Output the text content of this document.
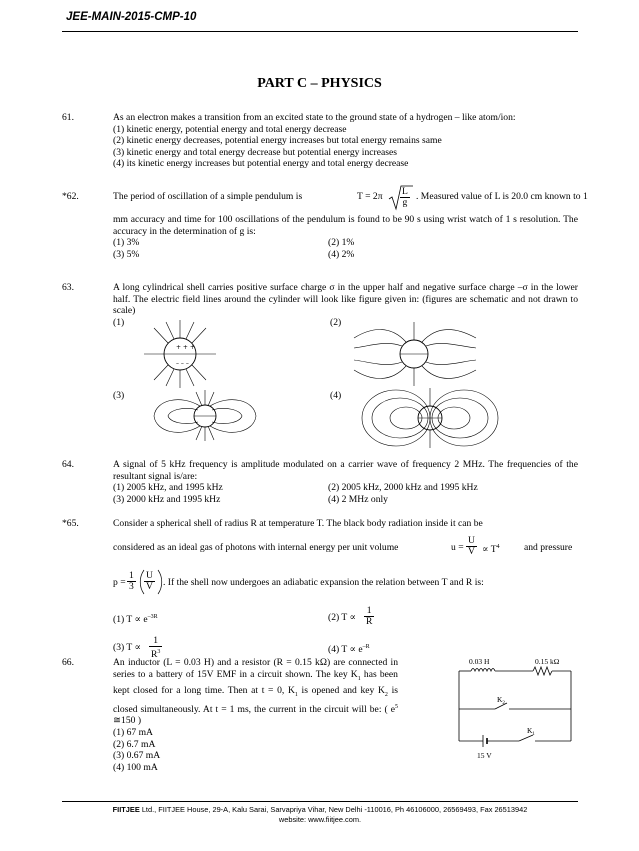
JEE-MAIN-2015-CMP-10
PART C – PHYSICS
61.	As an electron makes a transition from an excited state to the ground state of a hydrogen – like atom/ion:
(1) kinetic energy, potential energy and total energy decrease
(2) kinetic energy decreases, potential energy increases but total energy remains same
(3) kinetic energy and total energy decrease but potential energy increases
(4) its kinetic energy increases but potential energy and total energy decrease
*62.	The period of oscillation of a simple pendulum is	$T = 2\pi \frac{L}{g}$ . Measured value of L is 20.0 cm known to 1
mm accuracy and time for 100 oscillations of the pendulum is found to be 90 s using wrist watch of 1 s resolution. The accuracy in the determination of g is:
(1) 3%	(2) 1%
(3) 5%	(4) 2%
63.	A long cylindrical shell carries positive surface charge σ in the upper half and negative surface charge –σ in the lower half. The electric field lines around the cylinder will look like figure given in: (figures are schematic and not drawn to scale)
(1)	(2)
(3)	(4)
+ + +
– – –
64.	A signal of 5 kHz frequency is amplitude modulated on a carrier wave of frequency 2 MHz. The frequencies of the resultant signal is/are:
(1) 2005 kHz, and 1995 kHz	(2) 2005 kHz, 2000 kHz and 1995 kHz
(3) 2000 kHz and 1995 kHz	(4) 2 MHz only
*65.	Consider a spherical shell of radius R at temperature T. The black body radiation inside it can be
considered as an ideal gas of photons with internal energy per unit volume	$u = \frac{U}{V} \propto T^4$	and pressure
$p = \frac{1}{3} \frac{U}{V}$ . If the shell now undergoes an adiabatic expansion the relation between T and R is:
(1) $T \propto e^{-3R}$	(2) $T \propto \frac{1}{R}$
(3) $T \propto \frac{1}{R^3}$	(4) $T \propto e^{-R}$
66.	An inductor (L = 0.03 H) and a resistor (R = 0.15 kΩ) are connected in series to a battery of 15V EMF in a circuit shown. The key $K_1$ has been kept closed for a long time. Then at t = 0, $K_1$ is opened and key $K_2$ is closed simultaneously. At t = 1 ms, the current in the circuit will be: ( $e^5$ ≅150 )
(1) 67 mA
(2) 6.7 mA
(3) 0.67 mA
(4) 100 mA
0.03 H	0.15 kΩ
$K_2$
$K_1$
15 V
FIITJEE Ltd., FIITJEE House, 29-A, Kalu Sarai, Sarvapriya Vihar, New Delhi -110016, Ph 46106000, 26569493, Fax 26513942
website: www.fiitjee.com.
